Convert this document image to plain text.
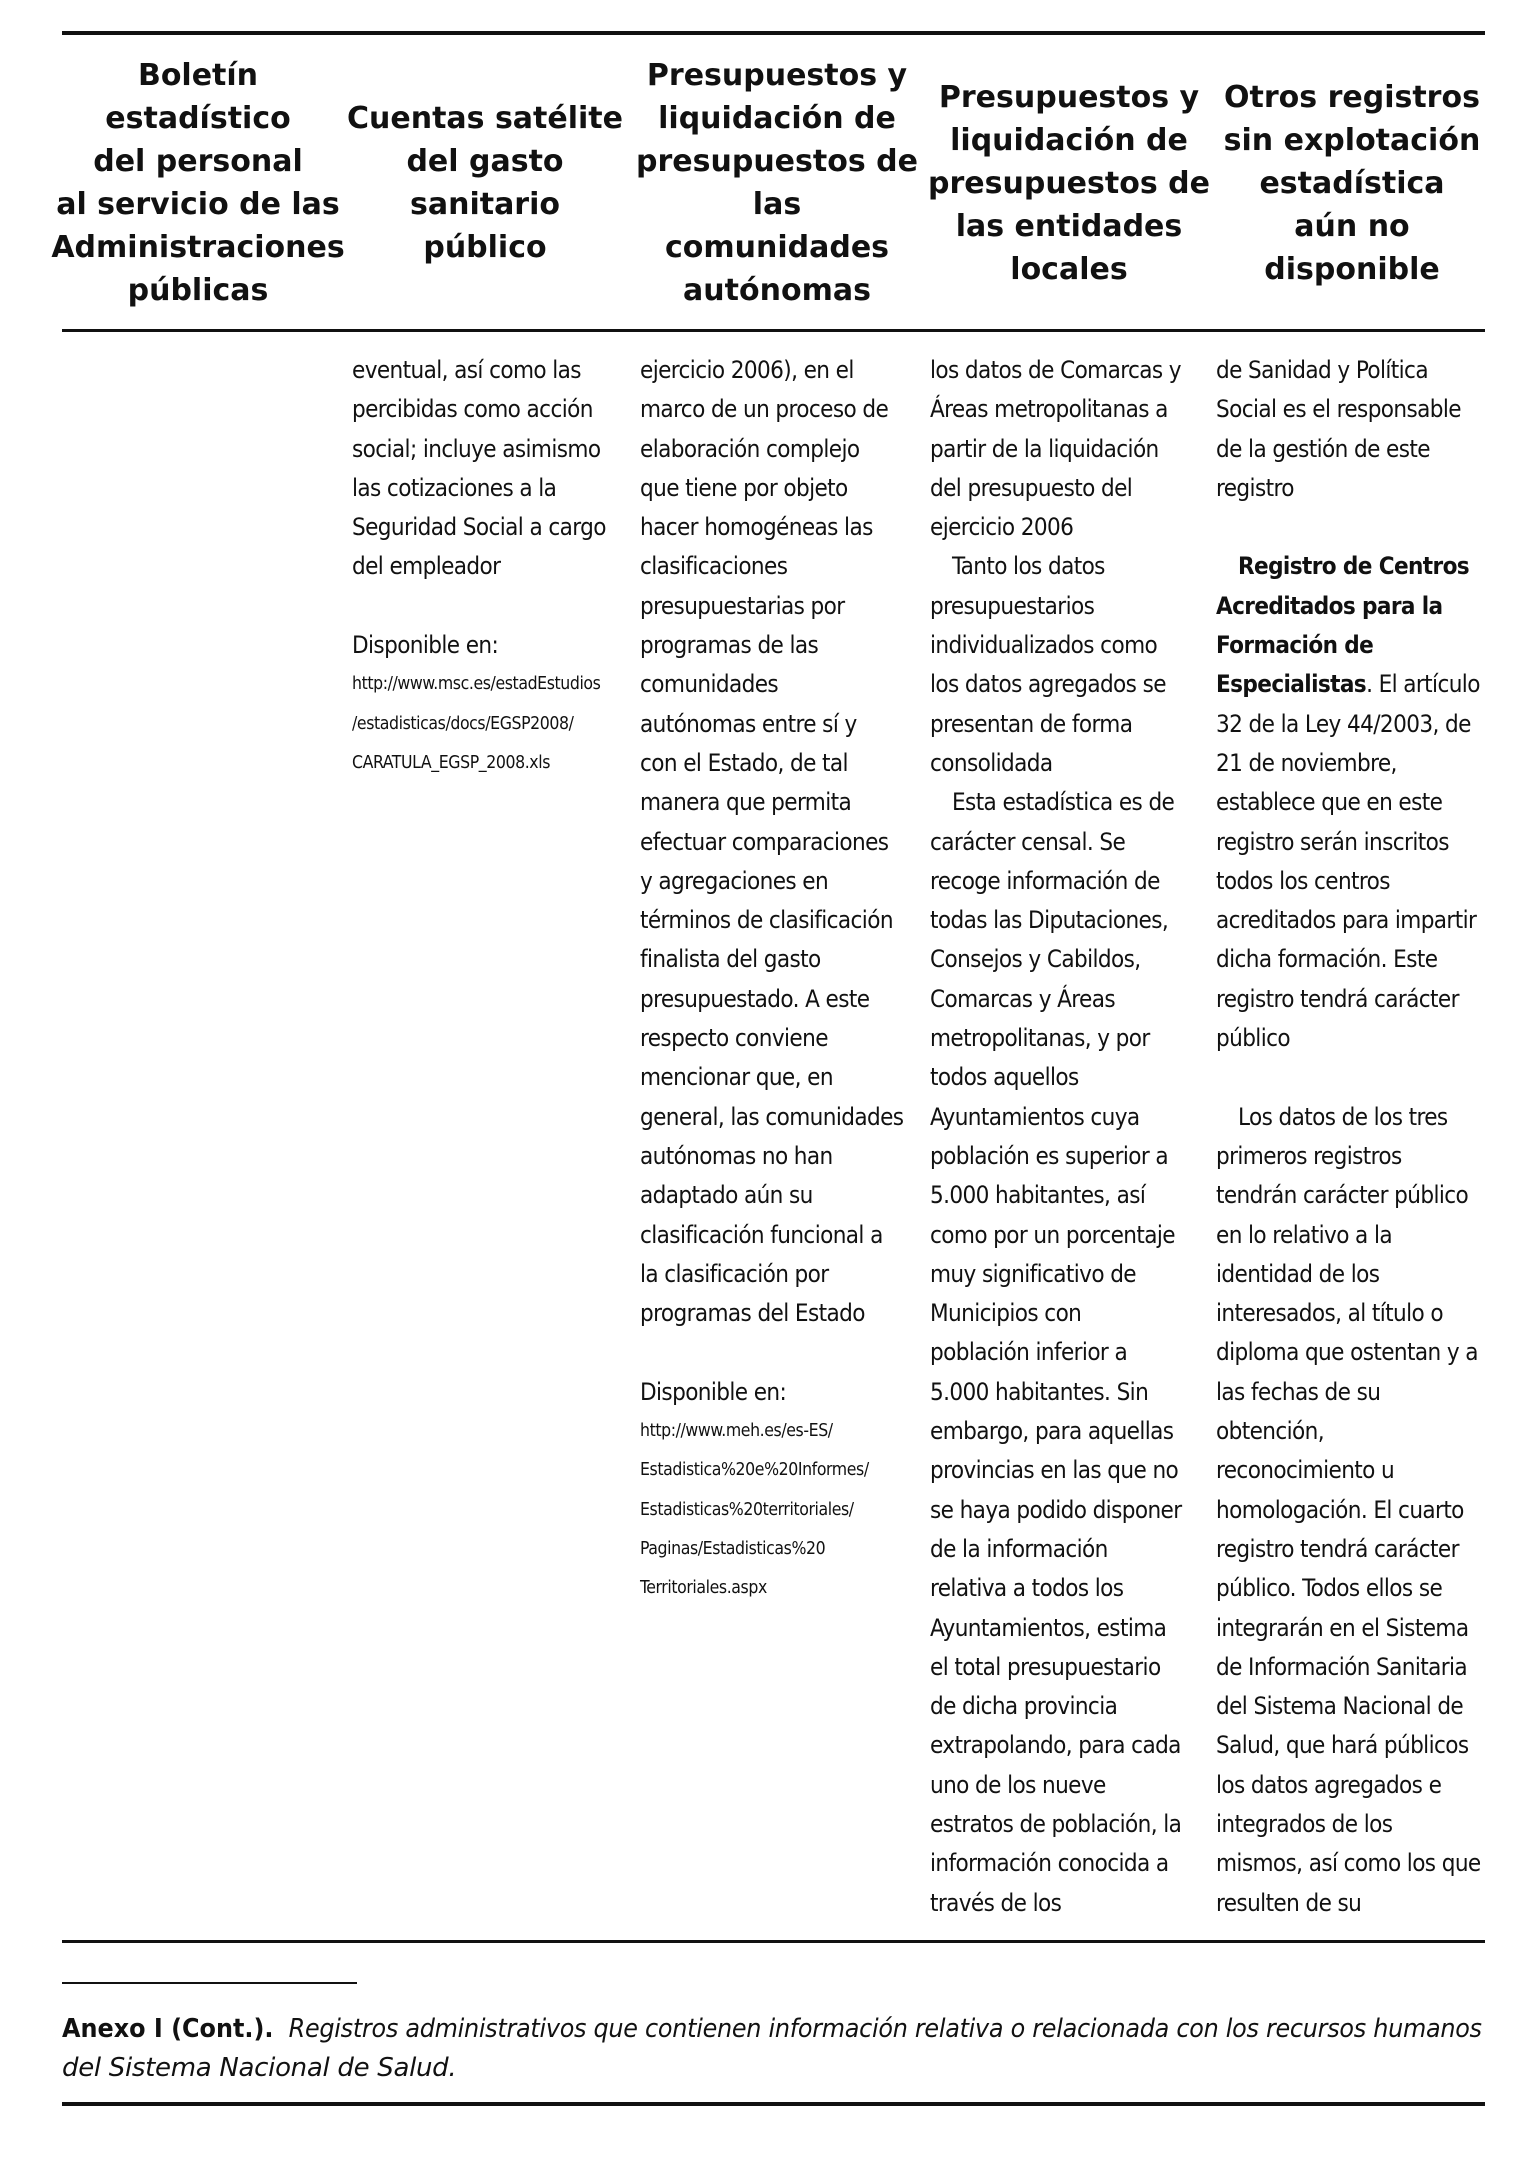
Boletín
estadístico
del personal
al servicio de las
Administraciones
públicas
Cuentas satélite
del gasto
sanitario
público
Presupuestos y
liquidación de
presupuestos de
las comunidades
autónomas
Presupuestos y
liquidación de
presupuestos de
las entidades
locales
Otros registros
sin explotación
estadística
aún no
disponible
eventual, así como las
percibidas como acción
social; incluye asimismo
las cotizaciones a la
Seguridad Social a cargo
del empleador
Disponible en:
http://www.msc.es/estadEstudios
/estadisticas/docs/EGSP2008/
CARATULA_EGSP_2008.xls
ejercicio 2006), en el
marco de un proceso de
elaboración complejo
que tiene por objeto
hacer homogéneas las
clasificaciones
presupuestarias por
programas de las
comunidades
autónomas entre sí y
con el Estado, de tal
manera que permita
efectuar comparaciones
y agregaciones en
términos de clasificación
finalista del gasto
presupuestado. A este
respecto conviene
mencionar que, en
general, las comunidades
autónomas no han
adaptado aún su
clasificación funcional a
la clasificación por
programas del Estado
Disponible en:
http://www.meh.es/es-ES/
Estadistica%20e%20Informes/
Estadisticas%20territoriales/
Paginas/Estadisticas%20
Territoriales.aspx
los datos de Comarcas y
Áreas metropolitanas a
partir de la liquidación
del presupuesto del
ejercicio 2006
Tanto los datos
presupuestarios
individualizados como
los datos agregados se
presentan de forma
consolidada
Esta estadística es de
carácter censal. Se
recoge información de
todas las Diputaciones,
Consejos y Cabildos,
Comarcas y Áreas
metropolitanas, y por
todos aquellos
Ayuntamientos cuya
población es superior a
5.000 habitantes, así
como por un porcentaje
muy significativo de
Municipios con
población inferior a
5.000 habitantes. Sin
embargo, para aquellas
provincias en las que no
se haya podido disponer
de la información
relativa a todos los
Ayuntamientos, estima
el total presupuestario
de dicha provincia
extrapolando, para cada
uno de los nueve
estratos de población, la
información conocida a
través de los
de Sanidad y Política
Social es el responsable
de la gestión de este
registro
Registro de Centros
Acreditados para la
Formación de
Especialistas. El artículo
32 de la Ley 44/2003, de
21 de noviembre,
establece que en este
registro serán inscritos
todos los centros
acreditados para impartir
dicha formación. Este
registro tendrá carácter
público
Los datos de los tres
primeros registros
tendrán carácter público
en lo relativo a la
identidad de los
interesados, al título o
diploma que ostentan y a
las fechas de su
obtención,
reconocimiento u
homologación. El cuarto
registro tendrá carácter
público. Todos ellos se
integrarán en el Sistema
de Información Sanitaria
del Sistema Nacional de
Salud, que hará públicos
los datos agregados e
integrados de los
mismos, así como los que
resulten de su
Anexo I (Cont.). Registros administrativos que contienen información relativa o relacionada con los recursos humanos
del Sistema Nacional de Salud.
